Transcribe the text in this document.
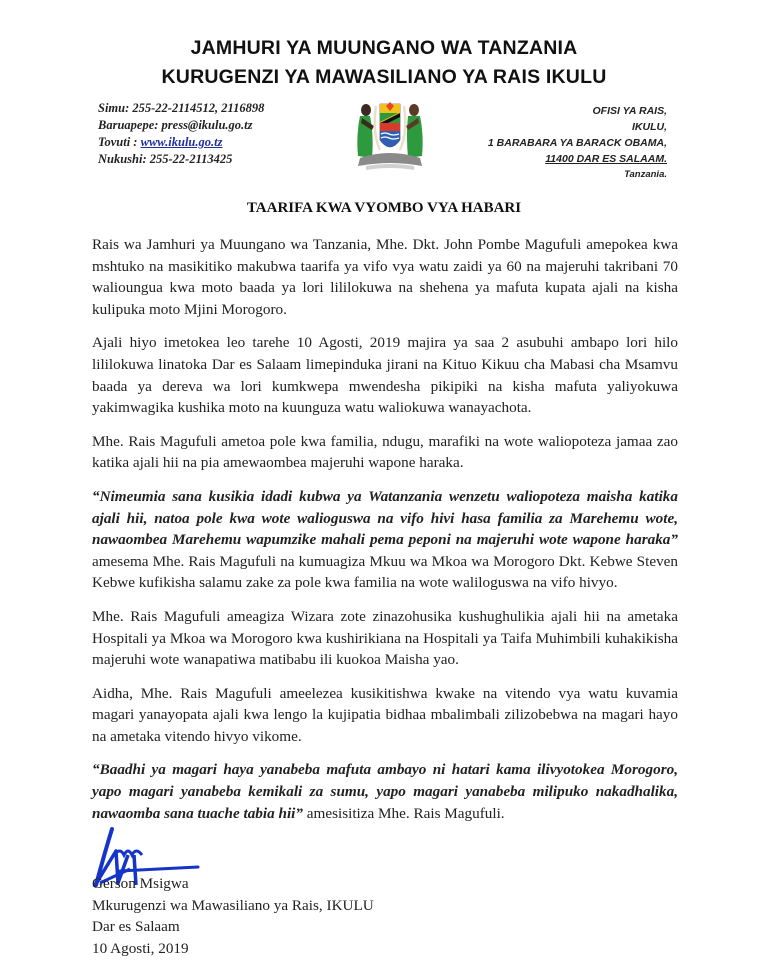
JAMHURI YA MUUNGANO WA TANZANIA
KURUGENZI YA MAWASILIANO YA RAIS IKULU
Simu: 255-22-2114512, 2116898
Baruapepe: press@ikulu.go.tz
Tovuti : www.ikulu.go.tz
Nukushi: 255-22-2113425
OFISI YA RAIS,
IKULU,
1 BARABARA YA BARACK OBAMA,
11400 DAR ES SALAAM.
Tanzania.
TAARIFA KWA VYOMBO VYA HABARI

Rais wa Jamhuri ya Muungano wa Tanzania, Mhe. Dkt. John Pombe Magufuli amepokea kwa mshtuko na masikitiko makubwa taarifa ya vifo vya watu zaidi ya 60 na majeruhi takribani 70 walioungua kwa moto baada ya lori lililokuwa na shehena ya mafuta kupata ajali na kisha kulipuka moto Mjini Morogoro.

Ajali hiyo imetokea leo tarehe 10 Agosti, 2019 majira ya saa 2 asubuhi ambapo lori hilo lililokuwa linatoka Dar es Salaam limepinduka jirani na Kituo Kikuu cha Mabasi cha Msamvu baada ya dereva wa lori kumkwepa mwendesha pikipiki na kisha mafuta yaliyokuwa yakimwagika kushika moto na kuunguza watu waliokuwa wanayachota.

Mhe. Rais Magufuli ametoa pole kwa familia, ndugu, marafiki na wote waliopoteza jamaa zao katika ajali hii na pia amewaombea majeruhi wapone haraka.

“Nimeumia sana kusikia idadi kubwa ya Watanzania wenzetu waliopoteza maisha katika ajali hii, natoa pole kwa wote walioguswa na vifo hivi hasa familia za Marehemu wote, nawaombea Marehemu wapumzike mahali pema peponi na majeruhi wote wapone haraka” amesema Mhe. Rais Magufuli na kumuagiza Mkuu wa Mkoa wa Morogoro Dkt. Kebwe Steven Kebwe kufikisha salamu zake za pole kwa familia na wote waliloguswa na vifo hivyo.

Mhe. Rais Magufuli ameagiza Wizara zote zinazohusika kushughulikia ajali hii na ametaka Hospitali ya Mkoa wa Morogoro kwa kushirikiana na Hospitali ya Taifa Muhimbili kuhakikisha majeruhi wote wanapatiwa matibabu ili kuokoa Maisha yao.

Aidha, Mhe. Rais Magufuli ameelezea kusikitishwa kwake na vitendo vya watu kuvamia magari yanayopata ajali kwa lengo la kujipatia bidhaa mbalimbali zilizobebwa na magari hayo na ametaka vitendo hivyo vikome.

“Baadhi ya magari haya yanabeba mafuta ambayo ni hatari kama ilivyotokea Morogoro, yapo magari yanabeba kemikali za sumu, yapo magari yanabeba milipuko nakadhalika, nawaomba sana tuache tabia hii” amesisitiza Mhe. Rais Magufuli.

Gerson Msigwa
Mkurugenzi wa Mawasiliano ya Rais, IKULU
Dar es Salaam
10 Agosti, 2019
